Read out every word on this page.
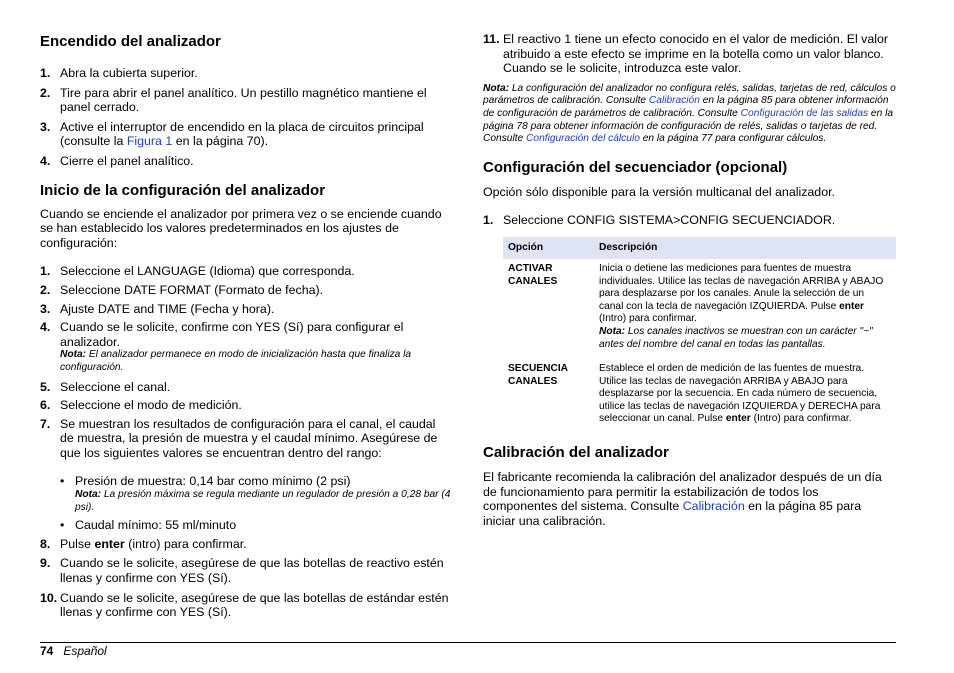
Encendido del analizador
1. Abra la cubierta superior.
2. Tire para abrir el panel analítico. Un pestillo magnético mantiene el panel cerrado.
3. Active el interruptor de encendido en la placa de circuitos principal (consulte la Figura 1 en la página 70).
4. Cierre el panel analítico.
Inicio de la configuración del analizador

Cuando se enciende el analizador por primera vez o se enciende cuando se han establecido los valores predeterminados en los ajustes de configuración:

1. Seleccione el LANGUAGE (Idioma) que corresponda.
2. Seleccione DATE FORMAT (Formato de fecha).
3. Ajuste DATE and TIME (Fecha y hora).
4. Cuando se le solicite, confirme con YES (Sí) para configurar el analizador.
Nota: El analizador permanece en modo de inicialización hasta que finaliza la configuración.
5. Seleccione el canal.
6. Seleccione el modo de medición.
7. Se muestran los resultados de configuración para el canal, el caudal de muestra, la presión de muestra y el caudal mínimo. Asegúrese de que los siguientes valores se encuentran dentro del rango:
• Presión de muestra: 0,14 bar como mínimo (2 psi)
Nota: La presión máxima se regula mediante un regulador de presión a 0,28 bar (4 psi).
• Caudal mínimo: 55 ml/minuto
8. Pulse enter (intro) para confirmar.
9. Cuando se le solicite, asegúrese de que las botellas de reactivo estén llenas y confirme con YES (Sí).
10. Cuando se le solicite, asegúrese de que las botellas de estándar estén llenas y confirme con YES (Sí).
11. El reactivo 1 tiene un efecto conocido en el valor de medición. El valor atribuido a este efecto se imprime en la botella como un valor blanco. Cuando se le solicite, introduzca este valor.
Nota: La configuración del analizador no configura relés, salidas, tarjetas de red, cálculos o parámetros de calibración. Consulte Calibración en la página 85 para obtener información de configuración de parámetros de calibración. Consulte Configuración de las salidas en la página 78 para obtener información de configuración de relés, salidas o tarjetas de red. Consulte Configuración del cálculo en la página 77 para configurar cálculos.
Configuración del secuenciador (opcional)

Opción sólo disponible para la versión multicanal del analizador.

1. Seleccione CONFIG SISTEMA>CONFIG SECUENCIADOR.
Opción	Descripción

ACTIVAR CANALES	Inicia o detiene las mediciones para fuentes de muestra individuales. Utilice las teclas de navegación ARRIBA y ABAJO para desplazarse por los canales. Anule la selección de un canal con la tecla de navegación IZQUIERDA. Pulse enter (Intro) para confirmar.
Nota: Los canales inactivos se muestran con un carácter "~" antes del nombre del canal en todas las pantallas.

SECUENCIA CANALES	Establece el orden de medición de las fuentes de muestra. Utilice las teclas de navegación ARRIBA y ABAJO para desplazarse por la secuencia. En cada número de secuencia, utilice las teclas de navegación IZQUIERDA y DERECHA para seleccionar un canal. Pulse enter (Intro) para confirmar.
Calibración del analizador

El fabricante recomienda la calibración del analizador después de un día de funcionamiento para permitir la estabilización de todos los componentes del sistema. Consulte Calibración en la página 85 para iniciar una calibración.

74 Español
